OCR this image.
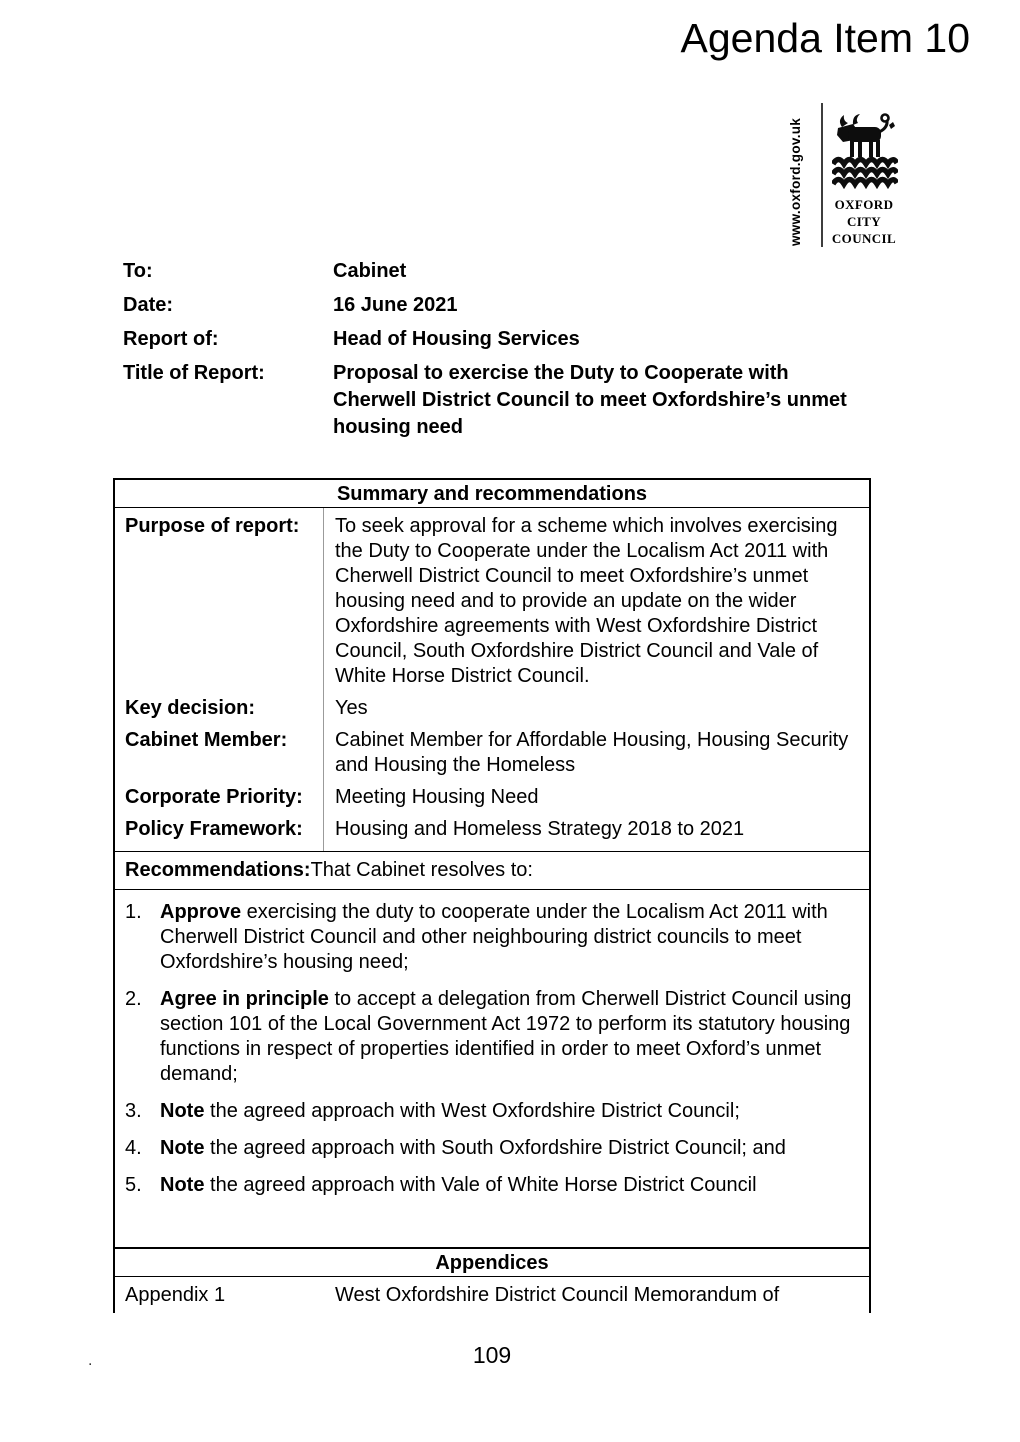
Agenda Item 10
www.oxford.gov.uk	OXFORD
CITY
COUNCIL
To:	Cabinet
Date:	16 June 2021
Report of:	Head of Housing Services
Title of Report:	Proposal to exercise the Duty to Cooperate with Cherwell District Council to meet Oxfordshire’s unmet housing need
Summary and recommendations
Purpose of report:	To seek approval for a scheme which involves exercising the Duty to Cooperate under the Localism Act 2011 with Cherwell District Council to meet Oxfordshire’s unmet housing need and to provide an update on the wider Oxfordshire agreements with West Oxfordshire District Council, South Oxfordshire District Council and Vale of White Horse District Council.
Key decision:	Yes
Cabinet Member:	Cabinet Member for Affordable Housing, Housing Security and Housing the Homeless
Corporate Priority:	Meeting Housing Need
Policy Framework:	Housing and Homeless Strategy 2018 to 2021
Recommendations:That Cabinet resolves to:
1. Approve exercising the duty to cooperate under the Localism Act 2011 with Cherwell District Council and other neighbouring district councils to meet Oxfordshire’s housing need;
2. Agree in principle to accept a delegation from Cherwell District Council using section 101 of the Local Government Act 1972 to perform its statutory housing functions in respect of properties identified in order to meet Oxford’s unmet demand;
3. Note the agreed approach with West Oxfordshire District Council;
4. Note the agreed approach with South Oxfordshire District Council; and
5. Note the agreed approach with Vale of White Horse District Council
Appendices
Appendix 1	West Oxfordshire District Council Memorandum of
.	109
